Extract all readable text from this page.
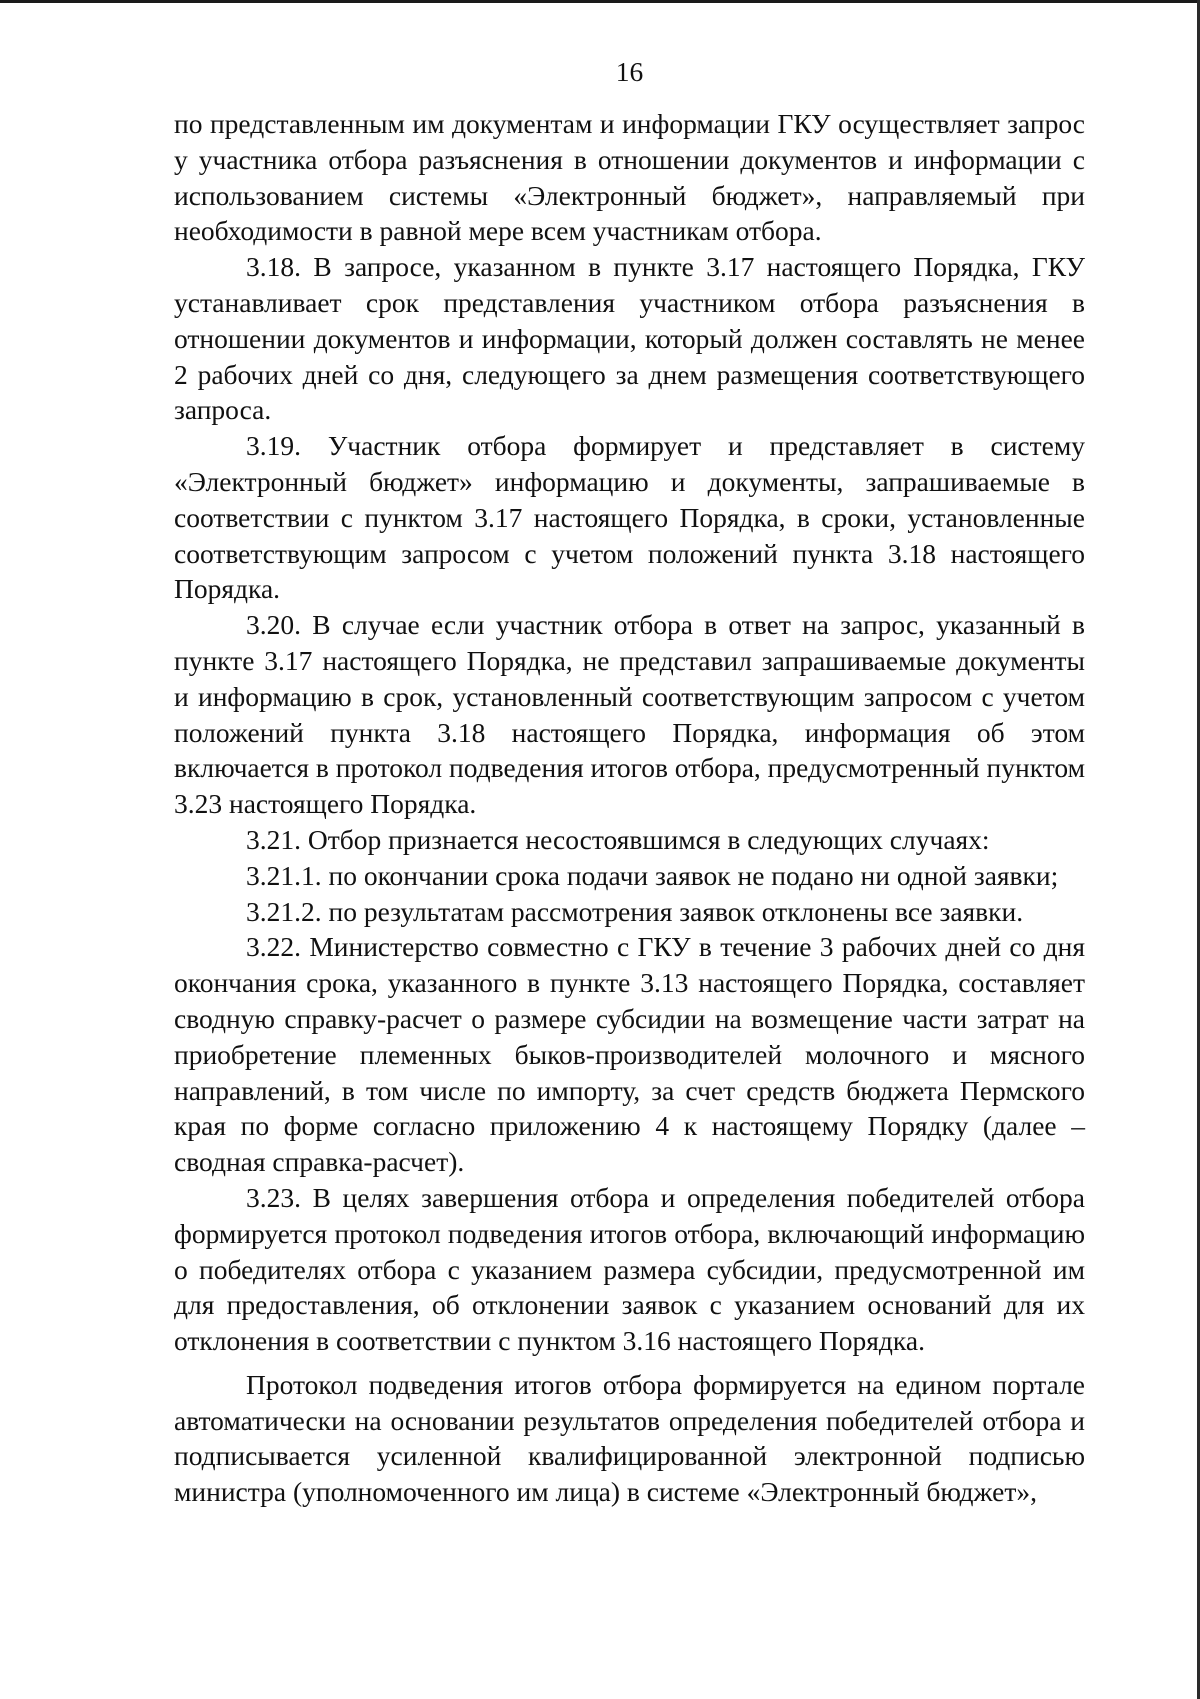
16

по представленным им документам и информации ГКУ осуществляет запрос у участника отбора разъяснения в отношении документов и информации с использованием системы «Электронный бюджет», направляемый при необходимости в равной мере всем участникам отбора.

3.18. В запросе, указанном в пункте 3.17 настоящего Порядка, ГКУ устанавливает срок представления участником отбора разъяснения в отношении документов и информации, который должен составлять не менее 2 рабочих дней со дня, следующего за днем размещения соответствующего запроса.

3.19. Участник отбора формирует и представляет в систему «Электронный бюджет» информацию и документы, запрашиваемые в соответствии с пунктом 3.17 настоящего Порядка, в сроки, установленные соответствующим запросом с учетом положений пункта 3.18 настоящего Порядка.

3.20. В случае если участник отбора в ответ на запрос, указанный в пункте 3.17 настоящего Порядка, не представил запрашиваемые документы и информацию в срок, установленный соответствующим запросом с учетом положений пункта 3.18 настоящего Порядка, информация об этом включается в протокол подведения итогов отбора, предусмотренный пунктом 3.23 настоящего Порядка.

3.21. Отбор признается несостоявшимся в следующих случаях:

3.21.1. по окончании срока подачи заявок не подано ни одной заявки;

3.21.2. по результатам рассмотрения заявок отклонены все заявки.

3.22. Министерство совместно с ГКУ в течение 3 рабочих дней со дня окончания срока, указанного в пункте 3.13 настоящего Порядка, составляет сводную справку-расчет о размере субсидии на возмещение части затрат на приобретение племенных быков-производителей молочного и мясного направлений, в том числе по импорту, за счет средств бюджета Пермского края по форме согласно приложению 4 к настоящему Порядку (далее – сводная справка-расчет).

3.23. В целях завершения отбора и определения победителей отбора формируется протокол подведения итогов отбора, включающий информацию о победителях отбора с указанием размера субсидии, предусмотренной им для предоставления, об отклонении заявок с указанием оснований для их отклонения в соответствии с пунктом 3.16 настоящего Порядка.

Протокол подведения итогов отбора формируется на едином портале автоматически на основании результатов определения победителей отбора и подписывается усиленной квалифицированной электронной подписью министра (уполномоченного им лица) в системе «Электронный бюджет»,
